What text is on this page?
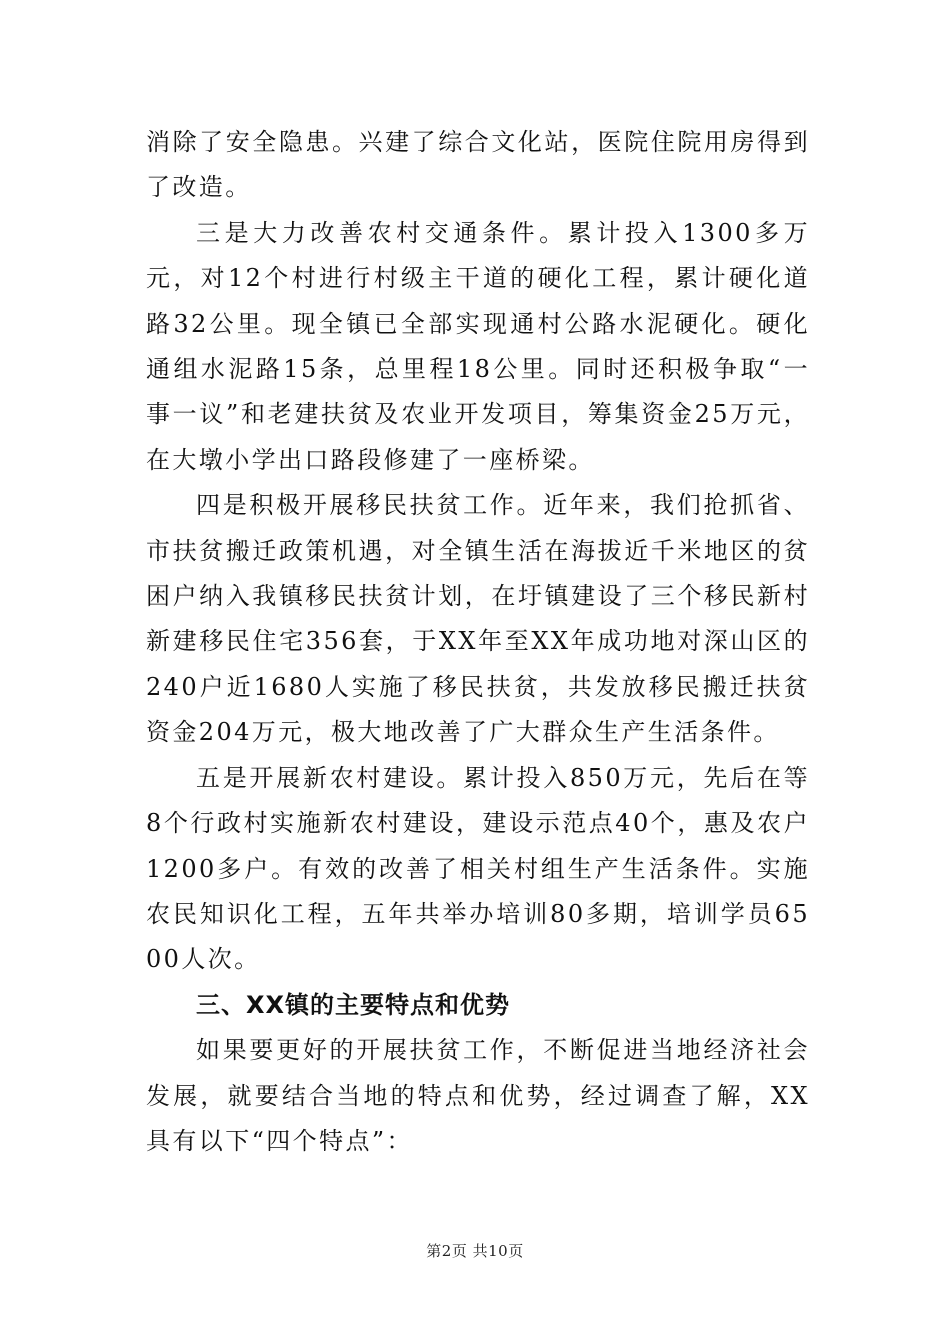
消除了安全隐患。兴建了综合文化站，医院住院用房得到了改造。

三是大力改善农村交通条件。累计投入1300多万元，对12个村进行村级主干道的硬化工程，累计硬化道路32公里。现全镇已全部实现通村公路水泥硬化。硬化通组水泥路15条，总里程18公里。同时还积极争取“一事一议”和老建扶贫及农业开发项目，筹集资金25万元，在大墩小学出口路段修建了一座桥梁。

四是积极开展移民扶贫工作。近年来，我们抢抓省、市扶贫搬迁政策机遇，对全镇生活在海拔近千米地区的贫困户纳入我镇移民扶贫计划，在圩镇建设了三个移民新村新建移民住宅356套，于XX年至XX年成功地对深山区的240户近1680人实施了移民扶贫，共发放移民搬迁扶贫资金204万元，极大地改善了广大群众生产生活条件。

五是开展新农村建设。累计投入850万元，先后在等8个行政村实施新农村建设，建设示范点40个，惠及农户1200多户。有效的改善了相关村组生产生活条件。实施农民知识化工程，五年共举办培训80多期，培训学员6500人次。

三、XX镇的主要特点和优势

如果要更好的开展扶贫工作，不断促进当地经济社会发展，就要结合当地的特点和优势，经过调查了解，XX具有以下“四个特点”：

第2页 共10页
